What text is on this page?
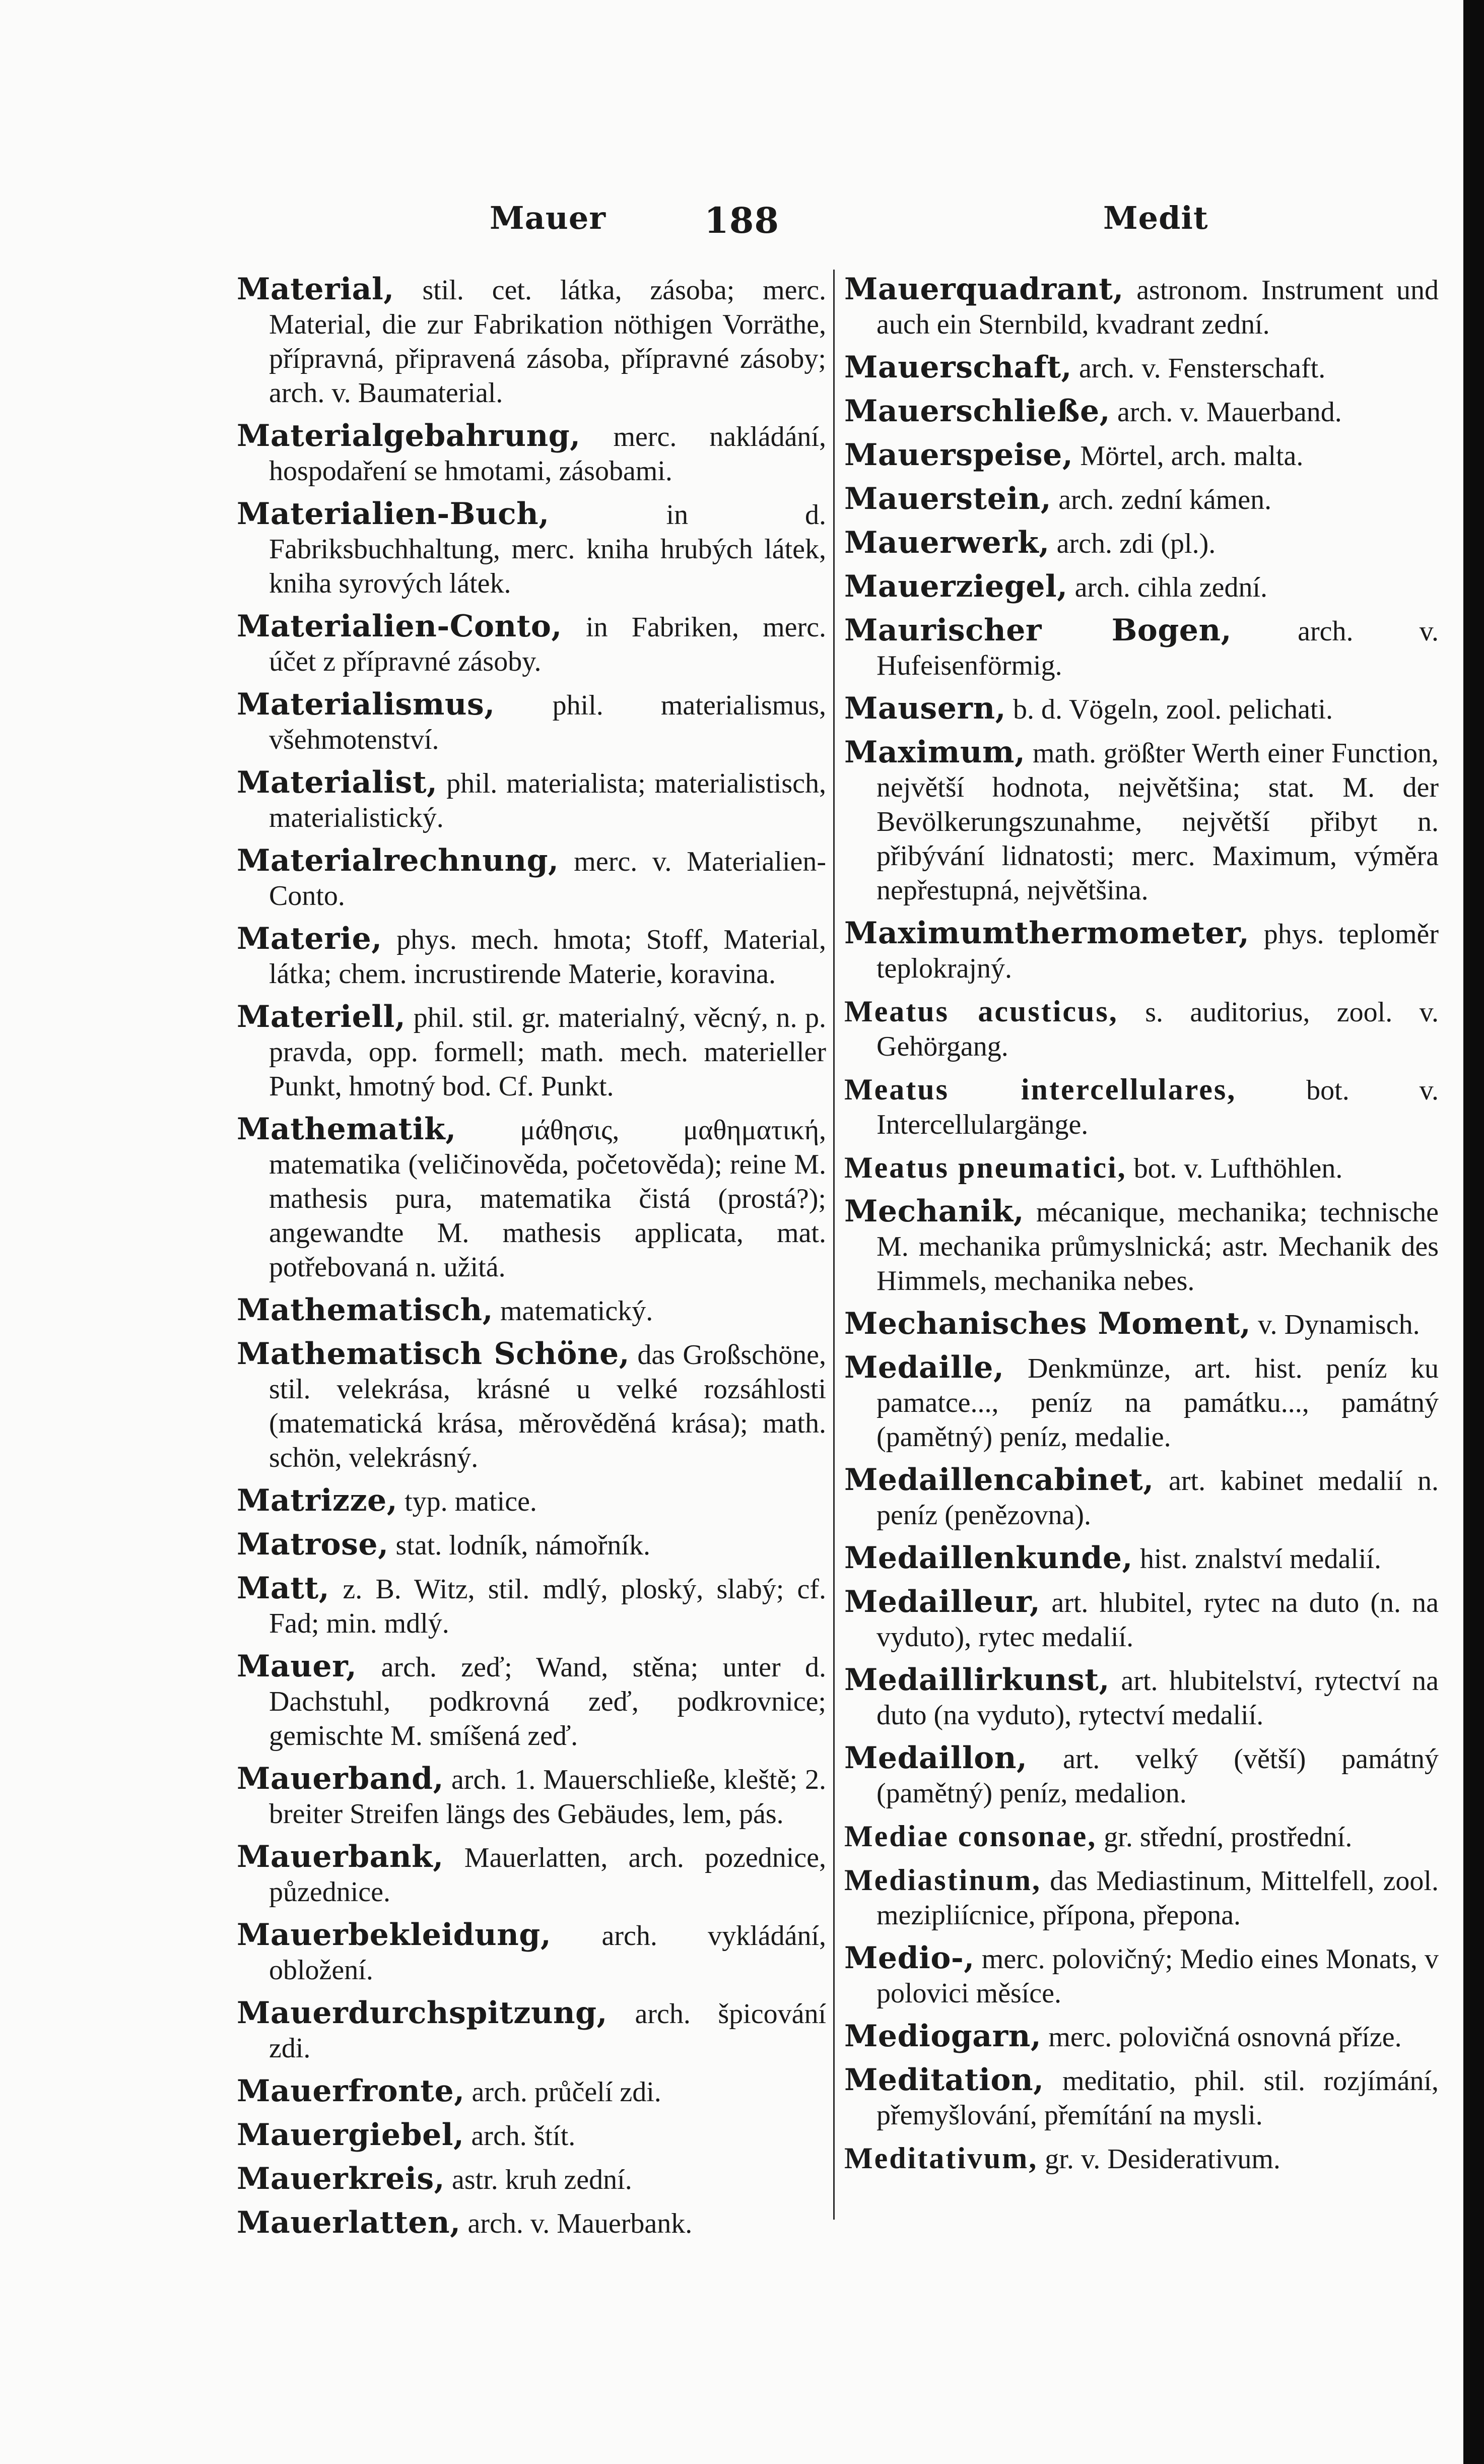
Mauer	188	Medit

Material, stil. cet. látka, zásoba; merc. Material, die zur Fabrikation nöthigen Vorräthe, přípravná, připravená zásoba, přípravné zásoby; arch. v. Baumaterial.

Materialgebahrung, merc. nakládání, hospodaření se hmotami, zásobami.

Materialien-Buch,	in d. Fabriksbuchhaltung, merc. kniha hrubých látek, kniha syrových látek.

Materialien-Conto, in Fabriken, merc. účet z přípravné zásoby.

Materialismus, phil. materialismus, všehmotenství.

Materialist, phil. materialista; materialistisch, materialistický.

Materialrechnung, merc. v. Materialien-Conto.

Materie, phys. mech. hmota; Stoff, Material, látka; chem. incrustirende Materie, koravina.

Materiell, phil. stil. gr. materialný, věcný, n. p. pravda, opp. formell; math. mech. materieller Punkt, hmotný bod. Cf. Punkt.

Mathematik, μάθησις, μαθηματική, matematika (veličinověda, početověda); reine M. mathesis pura, matematika čistá (prostá?); angewandte M. mathesis applicata, mat. potřebovaná n. užitá.

Mathematisch, matematický.

Mathematisch Schöne, das Großschöne, stil. velekrása, krásné u velké rozsáhlosti (matematická krása, měrověděná krása); math. schön, velekrásný.

Matrizze, typ. matice.

Matrose, stat. lodník, námořník.

Matt, z. B. Witz, stil. mdlý, ploský, slabý; cf. Fad; min. mdlý.

Mauer, arch. zeď; Wand, stěna; unter d. Dachstuhl, podkrovná zeď, podkrovnice; gemischte M. smíšená zeď.

Mauerband, arch. 1. Mauerschließe, kleště; 2. breiter Streifen längs des Gebäudes, lem, pás.

Mauerbank, Mauerlatten, arch. pozednice, půzednice.

Mauerbekleidung, arch. vykládání, obložení.

Mauerdurchspitzung, arch. špicování zdi.

Mauerfronte, arch. průčelí zdi.

Mauergiebel, arch. štít.

Mauerkreis, astr. kruh zední.

Mauerlatten, arch. v. Mauerbank.

Mauerquadrant, astronom. Instrument und auch ein Sternbild, kvadrant zední.

Mauerschaft, arch. v. Fensterschaft.

Mauerschließe, arch. v. Mauerband.

Mauerspeise, Mörtel, arch. malta.

Mauerstein, arch. zední kámen.

Mauerwerk, arch. zdi (pl.).

Mauerziegel, arch. cihla zední.

Maurischer Bogen, arch. v. Hufeisenförmig.

Mausern, b. d. Vögeln, zool. pelichati.

Maximum, math. größter Werth einer Function, největší hodnota, největšina; stat. M. der Bevölkerungszunahme, největší přibyt n. přibývání lidnatosti; merc. Maximum, výměra nepřestupná, největšina.

Maximumthermometer, phys. teploměr teplokrajný.

Meatus acusticus, s. auditorius, zool. v. Gehörgang.

Meatus intercellulares, bot. v. Intercellulargänge.

Meatus pneumatici, bot. v. Lufthöhlen.

Mechanik, mécanique, mechanika; technische M. mechanika průmyslnická; astr. Mechanik des Himmels, mechanika nebes.

Mechanisches Moment, v. Dynamisch.

Medaille, Denkmünze, art. hist. peníz ku pamatce..., peníz na památku..., památný (pamětný) peníz, medalie.

Medaillencabinet, art. kabinet medalií n. peníz (penězovna).

Medaillenkunde, hist. znalství medalií.

Medailleur, art. hlubitel, rytec na duto (n. na vyduto), rytec medalií.

Medaillirkunst, art. hlubitelství, rytectví na duto (na vyduto), rytectví medalií.

Medaillon, art. velký (větší) památný (pamětný) peníz, medalion.

Mediae consonae, gr. střední, prostřední.

Mediastinum, das Mediastinum, Mittelfell, zool. mezipliícnice, přípona, přepona.

Medio-, merc. polovičný; Medio eines Monats, v polovici měsíce.

Mediogarn, merc. polovičná osnovná příze.

Meditation, meditatio, phil. stil. rozjímání, přemyšlování, přemítání na mysli.

Meditativum, gr. v. Desiderativum.
